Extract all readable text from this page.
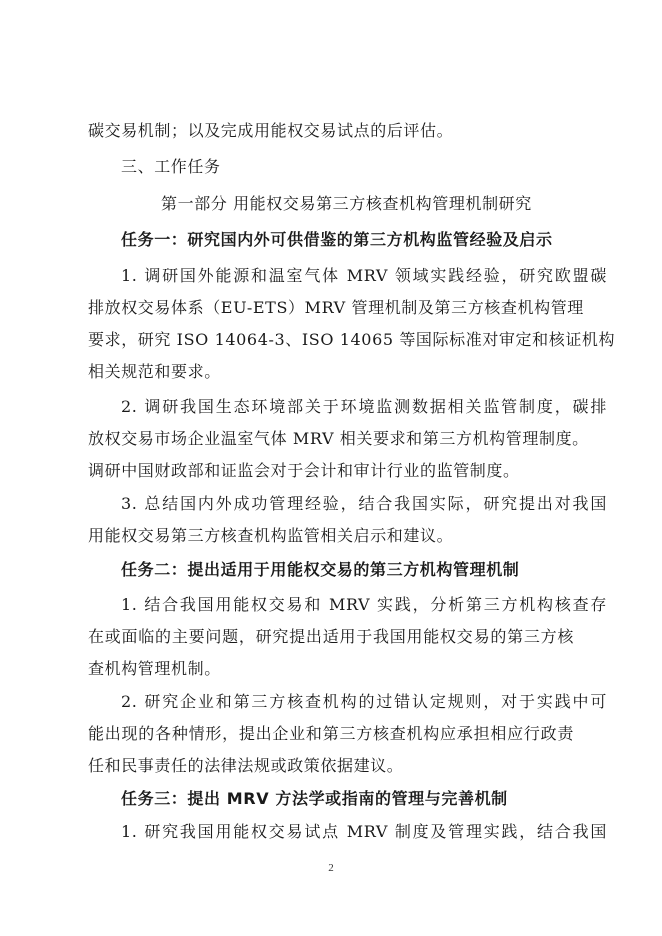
碳交易机制；以及完成用能权交易试点的后评估。
三、工作任务
第一部分 用能权交易第三方核查机构管理机制研究
任务一：研究国内外可供借鉴的第三方机构监管经验及启示
1. 调研国外能源和温室气体 MRV 领域实践经验，研究欧盟碳
排放权交易体系（EU-ETS）MRV 管理机制及第三方核查机构管理
要求，研究 ISO 14064-3、ISO 14065 等国际标准对审定和核证机构
相关规范和要求。
2. 调研我国生态环境部关于环境监测数据相关监管制度，碳排
放权交易市场企业温室气体 MRV 相关要求和第三方机构管理制度。
调研中国财政部和证监会对于会计和审计行业的监管制度。
3. 总结国内外成功管理经验，结合我国实际，研究提出对我国
用能权交易第三方核查机构监管相关启示和建议。
任务二：提出适用于用能权交易的第三方机构管理机制
1. 结合我国用能权交易和 MRV 实践，分析第三方机构核查存
在或面临的主要问题，研究提出适用于我国用能权交易的第三方核
查机构管理机制。
2. 研究企业和第三方核查机构的过错认定规则，对于实践中可
能出现的各种情形，提出企业和第三方核查机构应承担相应行政责
任和民事责任的法律法规或政策依据建议。
任务三：提出 MRV 方法学或指南的管理与完善机制
1. 研究我国用能权交易试点 MRV 制度及管理实践，结合我国
2
